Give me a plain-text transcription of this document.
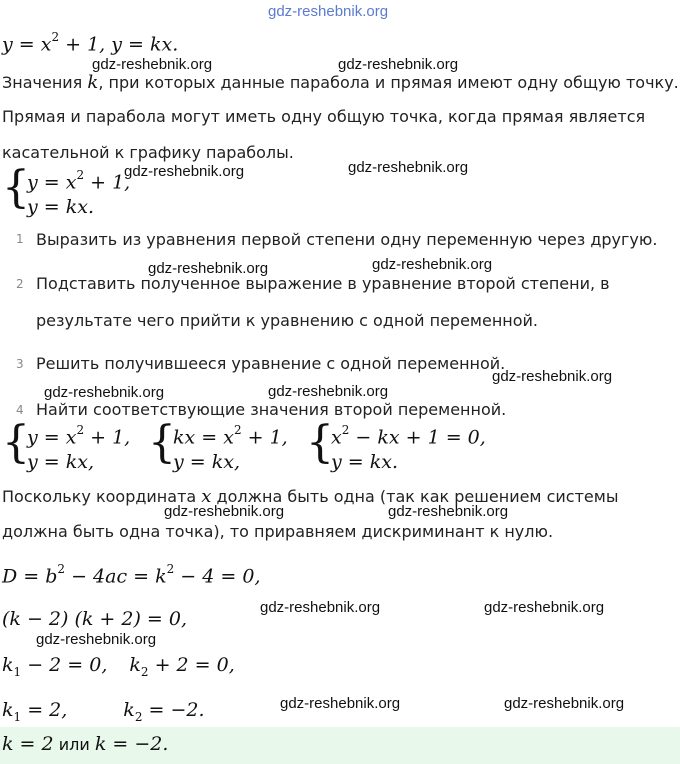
gdz-reshebnik.org
$y = x^2 + 1$, y = kx.
Значения k, при которых данные парабола и прямая имеют одну общую точку.
gdz-reshebnik.org	gdz-reshebnik.org
Прямая и парабола могут иметь одну общую точка, когда прямая является
касательной к графику параболы.
{
$y = x^2 + 1$,
y = kx.
gdz-reshebnik.org	gdz-reshebnik.org
1 Выразить из уравнения первой степени одну переменную через другую.
2 Подставить полученное выражение в уравнение второй степени, в
результате чего прийти к уравнению с одной переменной.
3 Решить получившееся уравнение с одной переменной.
4 Найти соответствующие значения второй переменной.
gdz-reshebnik.org	gdz-reshebnik.org
gdz-reshebnik.org
gdz-reshebnik.org	gdz-reshebnik.org
{
$y = x^2 + 1$,
y = kx, {
kx = $x^2 + 1$,
y = kx, {
$x^2$ − kx + 1 = 0,
y = kx.
Поскольку координата x должна быть одна (так как решением системы
должна быть одна точка), то приравняем дискриминант к нулю.
gdz-reshebnik.org	gdz-reshebnik.org
$D = b^2 - 4ac = k^2 - 4 = 0$,
(k − 2) (k + 2) = 0,
gdz-reshebnik.org	gdz-reshebnik.org
gdz-reshebnik.org
$k_1 - 2 = 0$, $k_2 + 2 = 0$,
$k_1 = 2$,	$k_2 = -2$.	gdz-reshebnik.org	gdz-reshebnik.org
k = 2 или k = −2.
